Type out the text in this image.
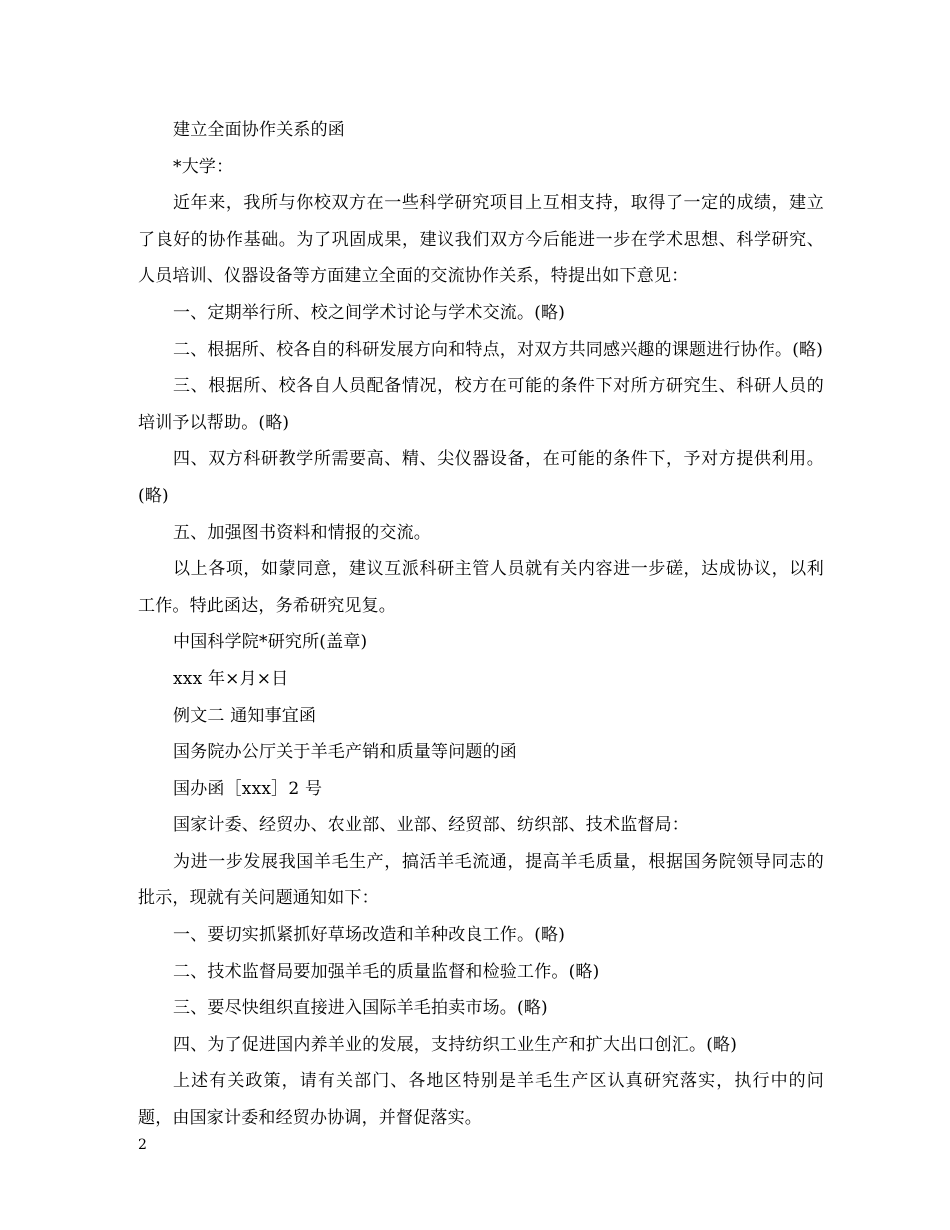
建立全面协作关系的函

*大学：

近年来，我所与你校双方在一些科学研究项目上互相支持，取得了一定的成绩，建立了良好的协作基础。为了巩固成果，建议我们双方今后能进一步在学术思想、科学研究、人员培训、仪器设备等方面建立全面的交流协作关系，特提出如下意见：

一、定期举行所、校之间学术讨论与学术交流。(略)

二、根据所、校各自的科研发展方向和特点，对双方共同感兴趣的课题进行协作。(略)

三、根据所、校各自人员配备情况，校方在可能的条件下对所方研究生、科研人员的培训予以帮助。(略)

四、双方科研教学所需要高、精、尖仪器设备，在可能的条件下，予对方提供利用。(略)

五、加强图书资料和情报的交流。

以上各项，如蒙同意，建议互派科研主管人员就有关内容进一步磋，达成协议，以利工作。特此函达，务希研究见复。

中国科学院*研究所(盖章)

xxx 年×月×日

例文二 通知事宜函

国务院办公厅关于羊毛产销和质量等问题的函

国办函［xxx］2 号

国家计委、经贸办、农业部、业部、经贸部、纺织部、技术监督局：

为进一步发展我国羊毛生产，搞活羊毛流通，提高羊毛质量，根据国务院领导同志的批示，现就有关问题通知如下：

一、要切实抓紧抓好草场改造和羊种改良工作。(略)

二、技术监督局要加强羊毛的质量监督和检验工作。(略)

三、要尽快组织直接进入国际羊毛拍卖市场。(略)

四、为了促进国内养羊业的发展，支持纺织工业生产和扩大出口创汇。(略)

上述有关政策，请有关部门、各地区特别是羊毛生产区认真研究落实，执行中的问题，由国家计委和经贸办协调，并督促落实。

2
